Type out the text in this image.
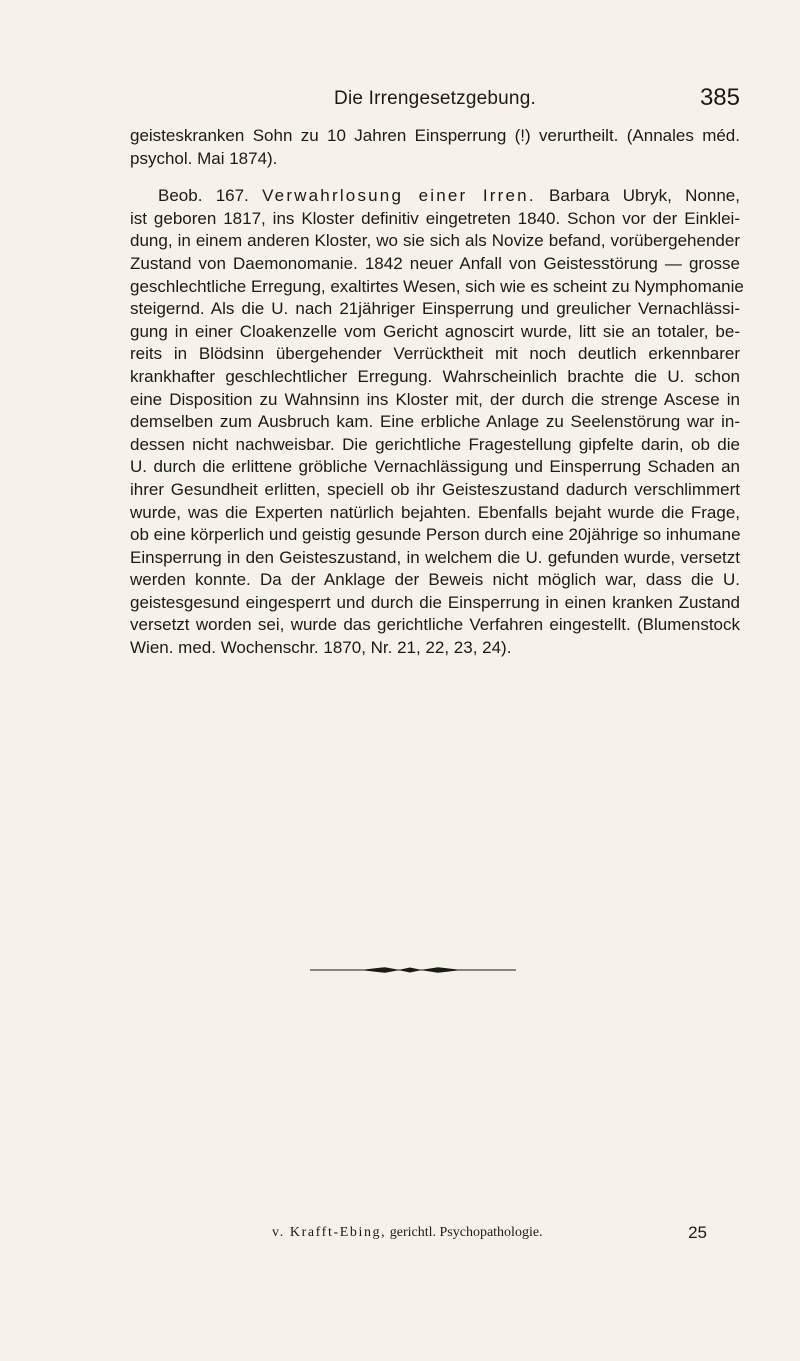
Die Irrengesetzgebung.	385
geisteskranken Sohn zu 10 Jahren Einsperrung (!) verurtheilt. (Annales méd.
psychol. Mai 1874).
Beob. 167. Verwahrlosung einer Irren. Barbara Ubryk, Nonne,
ist geboren 1817, ins Kloster definitiv eingetreten 1840. Schon vor der Einklei-
dung, in einem anderen Kloster, wo sie sich als Novize befand, vorübergehender
Zustand von Daemonomanie. 1842 neuer Anfall von Geistesstörung — grosse
geschlechtliche Erregung, exaltirtes Wesen, sich wie es scheint zu Nymphomanie
steigernd. Als die U. nach 21jähriger Einsperrung und greulicher Vernachlässi-
gung in einer Cloakenzelle vom Gericht agnoscirt wurde, litt sie an totaler, be-
reits in Blödsinn übergehender Verrücktheit mit noch deutlich erkennbarer
krankhafter geschlechtlicher Erregung. Wahrscheinlich brachte die U. schon
eine Disposition zu Wahnsinn ins Kloster mit, der durch die strenge Ascese in
demselben zum Ausbruch kam. Eine erbliche Anlage zu Seelenstörung war in-
dessen nicht nachweisbar. Die gerichtliche Fragestellung gipfelte darin, ob die
U. durch die erlittene gröbliche Vernachlässigung und Einsperrung Schaden an
ihrer Gesundheit erlitten, speciell ob ihr Geisteszustand dadurch verschlimmert
wurde, was die Experten natürlich bejahten. Ebenfalls bejaht wurde die Frage,
ob eine körperlich und geistig gesunde Person durch eine 20jährige so inhumane
Einsperrung in den Geisteszustand, in welchem die U. gefunden wurde, versetzt
werden konnte. Da der Anklage der Beweis nicht möglich war, dass die U.
geistesgesund eingesperrt und durch die Einsperrung in einen kranken Zustand
versetzt worden sei, wurde das gerichtliche Verfahren eingestellt. (Blumenstock
Wien. med. Wochenschr. 1870, Nr. 21, 22, 23, 24).
v. Krafft-Ebing, gerichtl. Psychopathologie.	25
